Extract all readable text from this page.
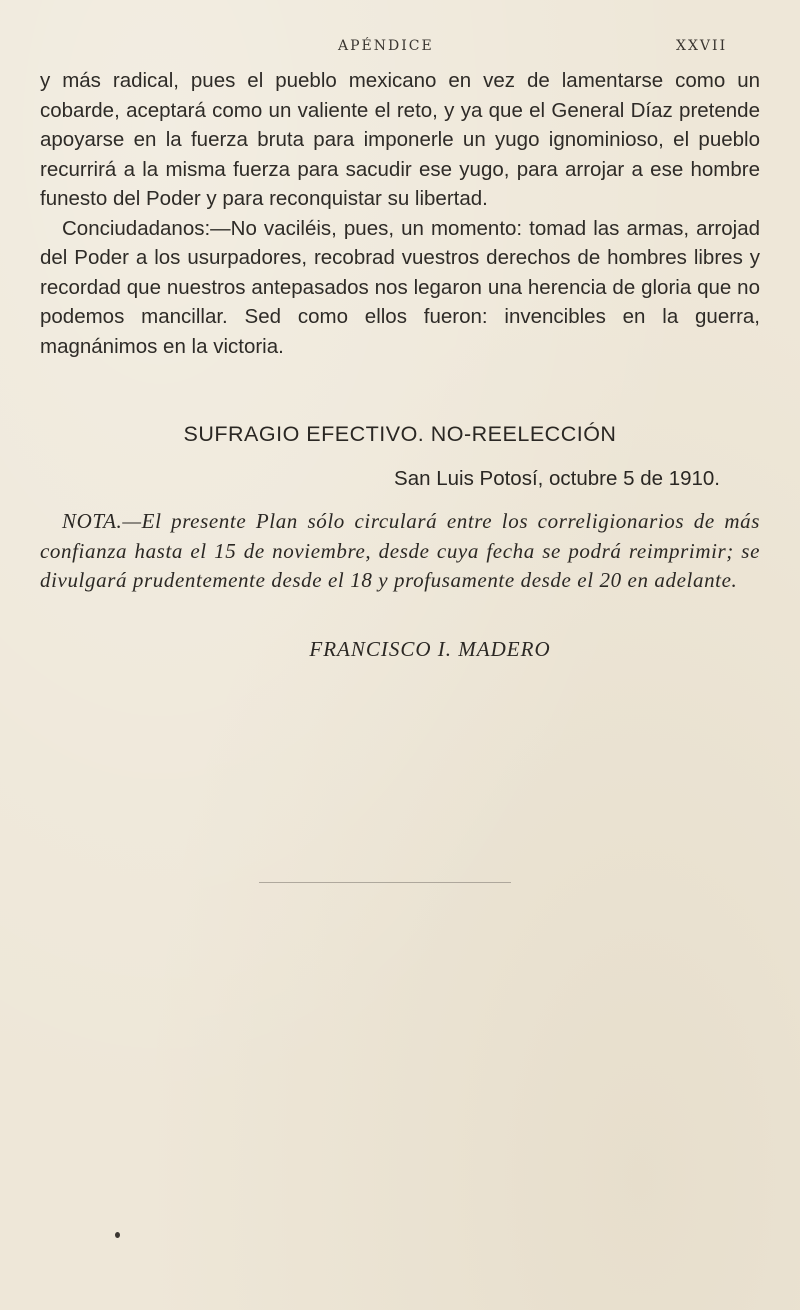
APÉNDICE	XXVII

y más radical, pues el pueblo mexicano en vez de lamentarse como un cobarde, aceptará como un valiente el reto, y ya que el General Díaz pretende apoyarse en la fuerza bruta para imponerle un yugo ignominioso, el pueblo recurrirá a la misma fuerza para sacudir ese yugo, para arrojar a ese hombre funesto del Poder y para reconquistar su libertad.

Conciudadanos:—No vaciléis, pues, un momento: tomad las armas, arrojad del Poder a los usurpadores, recobrad vuestros derechos de hombres libres y recordad que nuestros antepasados nos legaron una herencia de gloria que no podemos mancillar. Sed como ellos fueron: invencibles en la guerra, magnánimos en la victoria.

SUFRAGIO EFECTIVO. NO-REELECCIÓN
San Luis Potosí, octubre 5 de 1910.

NOTA.—El presente Plan sólo circulará entre los correligionarios de más confianza hasta el 15 de noviembre, desde cuya fecha se podrá reimprimir; se divulgará prudentemente desde el 18 y profusamente desde el 20 en adelante.

FRANCISCO I. MADERO
